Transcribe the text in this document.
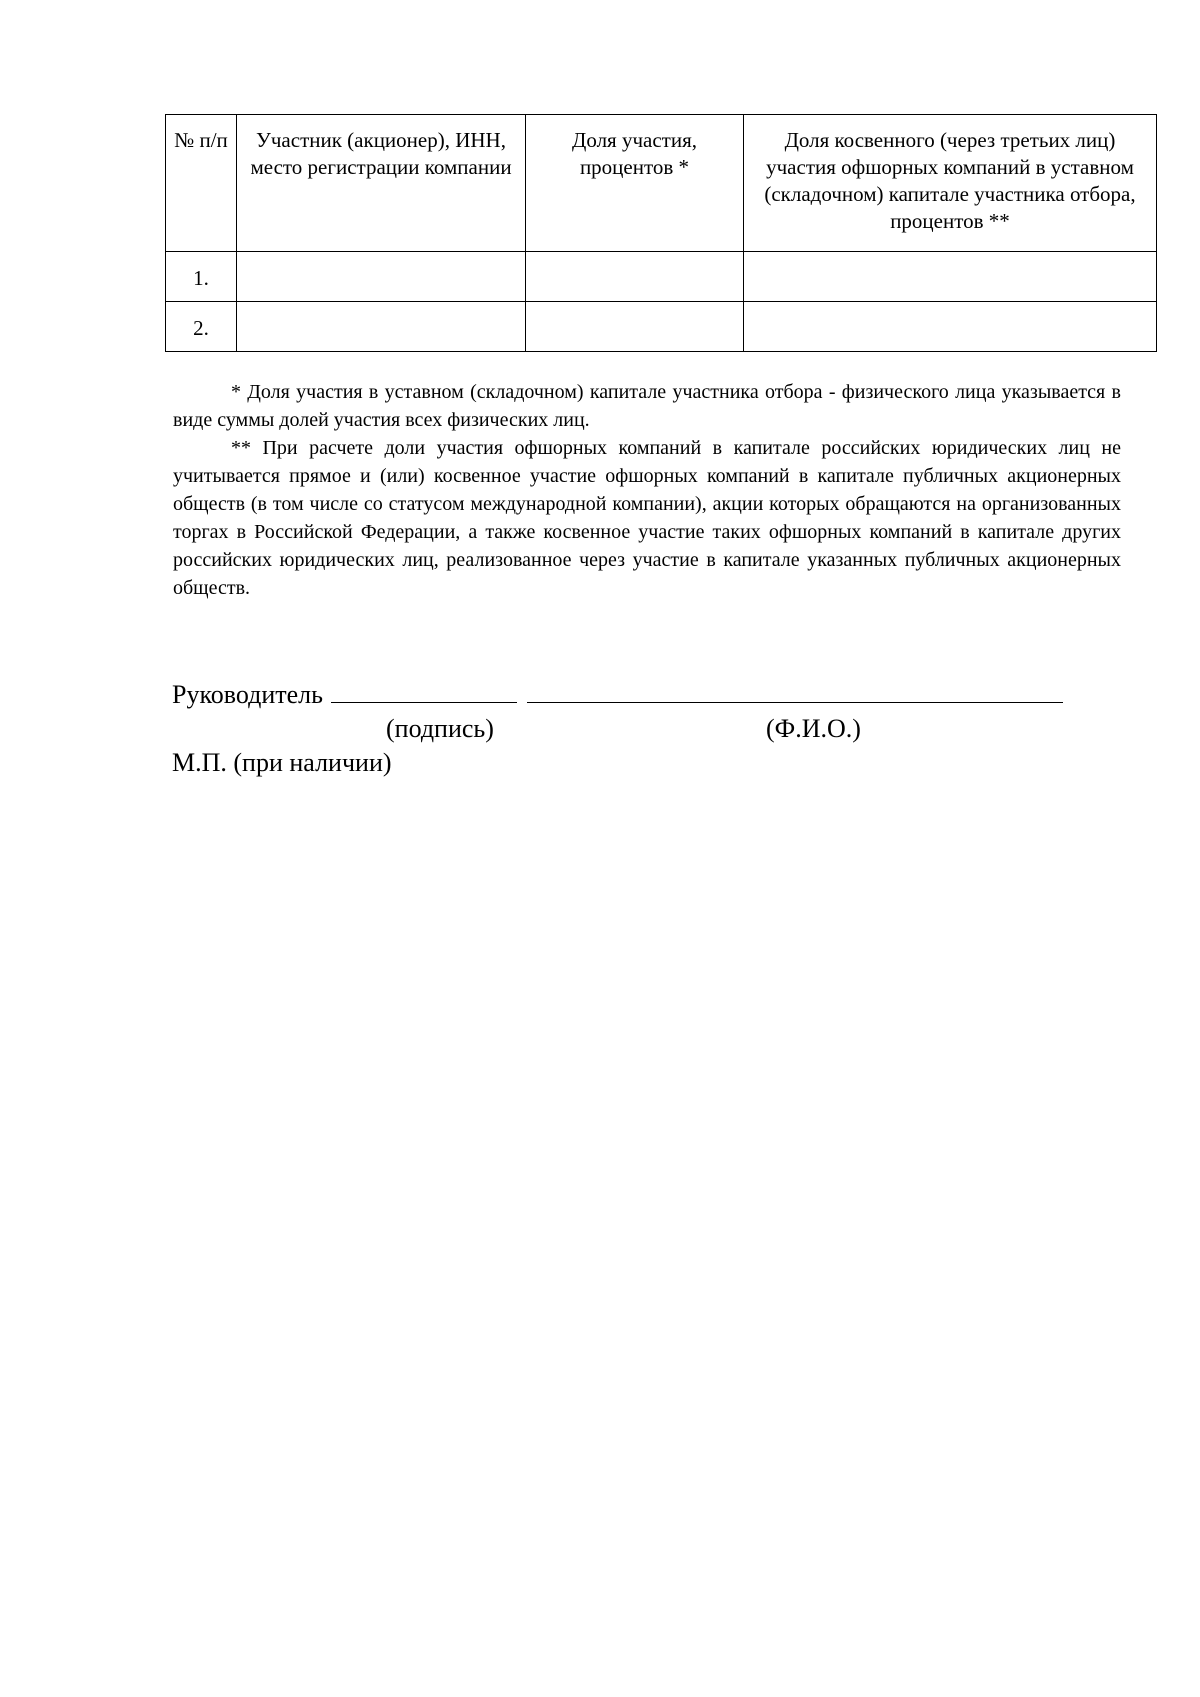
№ п/п	Участник (акционер), ИНН, место регистрации компании	Доля участия, процентов *	Доля косвенного (через третьих лиц) участия офшорных компаний в уставном (складочном) капитале участника отбора, процентов **
1.			
2.			

* Доля участия в уставном (складочном) капитале участника отбора - физического лица указывается в виде суммы долей участия всех физических лиц.

** При расчете доли участия офшорных компаний в капитале российских юридических лиц не учитывается прямое и (или) косвенное участие офшорных компаний в капитале публичных акционерных обществ (в том числе со статусом международной компании), акции которых обращаются на организованных торгах в Российской Федерации, а также косвенное участие таких офшорных компаний в капитале других российских юридических лиц, реализованное через участие в капитале указанных публичных акционерных обществ.

Руководитель
(подпись)	(Ф.И.О.)
М.П. (при наличии)
